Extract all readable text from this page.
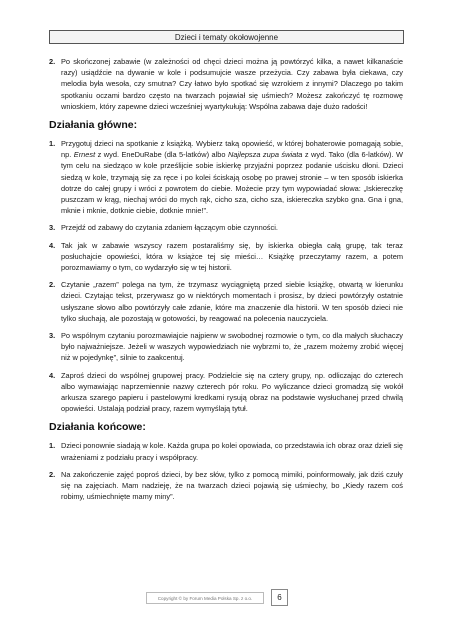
Dzieci i tematy okołowojenne
2. Po skończonej zabawie (w zależności od chęci dzieci można ją powtórzyć kilka, a nawet kilkanaście razy) usiądźcie na dywanie w kole i podsumujcie wasze przeżycia. Czy zabawa była ciekawa, czy melodia była wesoła, czy smutna? Czy łatwo było spotkać się wzrokiem z innymi? Dlaczego po takim spotkaniu oczami bardzo często na twarzach pojawiał się uśmiech? Możesz zakończyć tę rozmowę wnioskiem, który zapewne dzieci wcześniej wyartykułują: Wspólna zabawa daje dużo radości!
Działania główne:
1. Przygotuj dzieci na spotkanie z książką. Wybierz taką opowieść, w której bohaterowie pomagają sobie, np. Ernest z wyd. EneDuRabe (dla 5-latków) albo Najlepsza zupa świata z wyd. Tako (dla 6-latków). W tym celu na siedząco w kole prześlijcie sobie iskierkę przyjaźni poprzez podanie uścisku dłoni. Dzieci siedzą w kole, trzymają się za ręce i po kolei ściskają osobę po prawej stronie – w ten sposób iskierka dotrze do całej grupy i wróci z powrotem do ciebie. Możecie przy tym wypowiadać słowa: „Iskiereczkę puszczam w krąg, niechaj wróci do mych rąk, cicho sza, cicho sza, iskiereczka szybko gna. Gna i gna, mknie i mknie, dotknie ciebie, dotknie mnie!”.

3. Przejdź od zabawy do czytania zdaniem łączącym obie czynności.
4. Tak jak w zabawie wszyscy razem postaraliśmy się, by iskierka obiegła całą grupę, tak teraz posłuchajcie opowieści, która w książce tej się mieści… Książkę przeczytamy razem, a potem porozmawiamy o tym, co wydarzyło się w tej historii.
2. Czytanie „razem” polega na tym, że trzymasz wyciągniętą przed siebie książkę, otwartą w kierunku dzieci. Czytając tekst, przerywasz go w niektórych momentach i prosisz, by dzieci powtórzyły ostatnie usłyszane słowo albo powtórzyły całe zdanie, które ma znaczenie dla historii. W ten sposób dzieci nie tylko słuchają, ale pozostają w gotowości, by reagować na polecenia nauczyciela.
3. Po wspólnym czytaniu porozmawiajcie najpierw w swobodnej rozmowie o tym, co dla małych słuchaczy było najważniejsze. Jeżeli w waszych wypowiedziach nie wybrzmi to, że „razem możemy zrobić więcej niż w pojedynkę”, silnie to zaakcentuj.
4. Zaproś dzieci do wspólnej grupowej pracy. Podzielcie się na cztery grupy, np. odliczając do czterech albo wymawiając naprzemiennie nazwy czterech pór roku. Po wyliczance dzieci gromadzą się wokół arkusza szarego papieru i pastelowymi kredkami rysują obraz na podstawie wysłuchanej przed chwilą opowieści. Ustalają podział pracy, razem wymyślają tytuł.
Działania końcowe:
1. Dzieci ponownie siadają w kole. Każda grupa po kolei opowiada, co przedstawia ich obraz oraz dzieli się wrażeniami z podziału pracy i współpracy.
2. Na zakończenie zajęć poproś dzieci, by bez słów, tylko z pomocą mimiki, poinformowały, jak dziś czuły się na zajęciach. Mam nadzieję, że na twarzach dzieci pojawią się uśmiechy, bo „Kiedy razem coś robimy, uśmiechnięte mamy miny”.
Copyright © by Forum Media Polska Sp. z o.o.	6
